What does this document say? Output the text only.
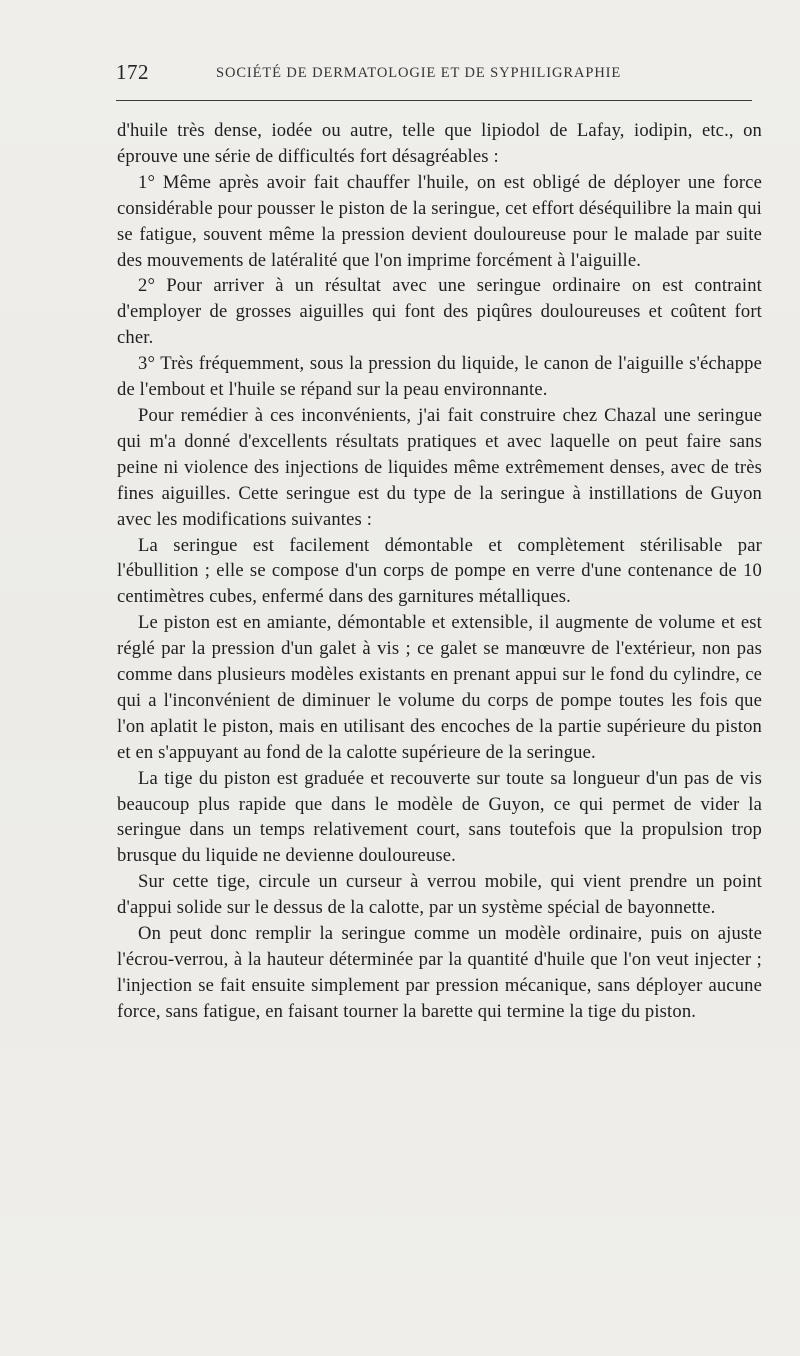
172	SOCIÉTÉ DE DERMATOLOGIE ET DE SYPHILIGRAPHIE

d'huile très dense, iodée ou autre, telle que lipiodol de Lafay, iodipin, etc., on éprouve une série de difficultés fort désagréables :

1° Même après avoir fait chauffer l'huile, on est obligé de déployer une force considérable pour pousser le piston de la seringue, cet effort déséquilibre la main qui se fatigue, souvent même la pression devient douloureuse pour le malade par suite des mouvements de latéralité que l'on imprime forcément à l'aiguille.

2° Pour arriver à un résultat avec une seringue ordinaire on est contraint d'employer de grosses aiguilles qui font des piqûres douloureuses et coûtent fort cher.

3° Très fréquemment, sous la pression du liquide, le canon de l'aiguille s'échappe de l'embout et l'huile se répand sur la peau environnante.

Pour remédier à ces inconvénients, j'ai fait construire chez Chazal une seringue qui m'a donné d'excellents résultats pratiques et avec laquelle on peut faire sans peine ni violence des injections de liquides même extrêmement denses, avec de très fines aiguilles. Cette seringue est du type de la seringue à instillations de Guyon avec les modifications suivantes :

La seringue est facilement démontable et complètement stérilisable par l'ébullition ; elle se compose d'un corps de pompe en verre d'une contenance de 10 centimètres cubes, enfermé dans des garnitures métalliques.

Le piston est en amiante, démontable et extensible, il augmente de volume et est réglé par la pression d'un galet à vis ; ce galet se manœuvre de l'extérieur, non pas comme dans plusieurs modèles existants en prenant appui sur le fond du cylindre, ce qui a l'inconvénient de diminuer le volume du corps de pompe toutes les fois que l'on aplatit le piston, mais en utilisant des encoches de la partie supérieure du piston et en s'appuyant au fond de la calotte supérieure de la seringue.

La tige du piston est graduée et recouverte sur toute sa longueur d'un pas de vis beaucoup plus rapide que dans le modèle de Guyon, ce qui permet de vider la seringue dans un temps relativement court, sans toutefois que la propulsion trop brusque du liquide ne devienne douloureuse.

Sur cette tige, circule un curseur à verrou mobile, qui vient prendre un point d'appui solide sur le dessus de la calotte, par un système spécial de bayonnette.

On peut donc remplir la seringue comme un modèle ordinaire, puis on ajuste l'écrou-verrou, à la hauteur déterminée par la quantité d'huile que l'on veut injecter ; l'injection se fait ensuite simplement par pression mécanique, sans déployer aucune force, sans fatigue, en faisant tourner la barette qui termine la tige du piston.
